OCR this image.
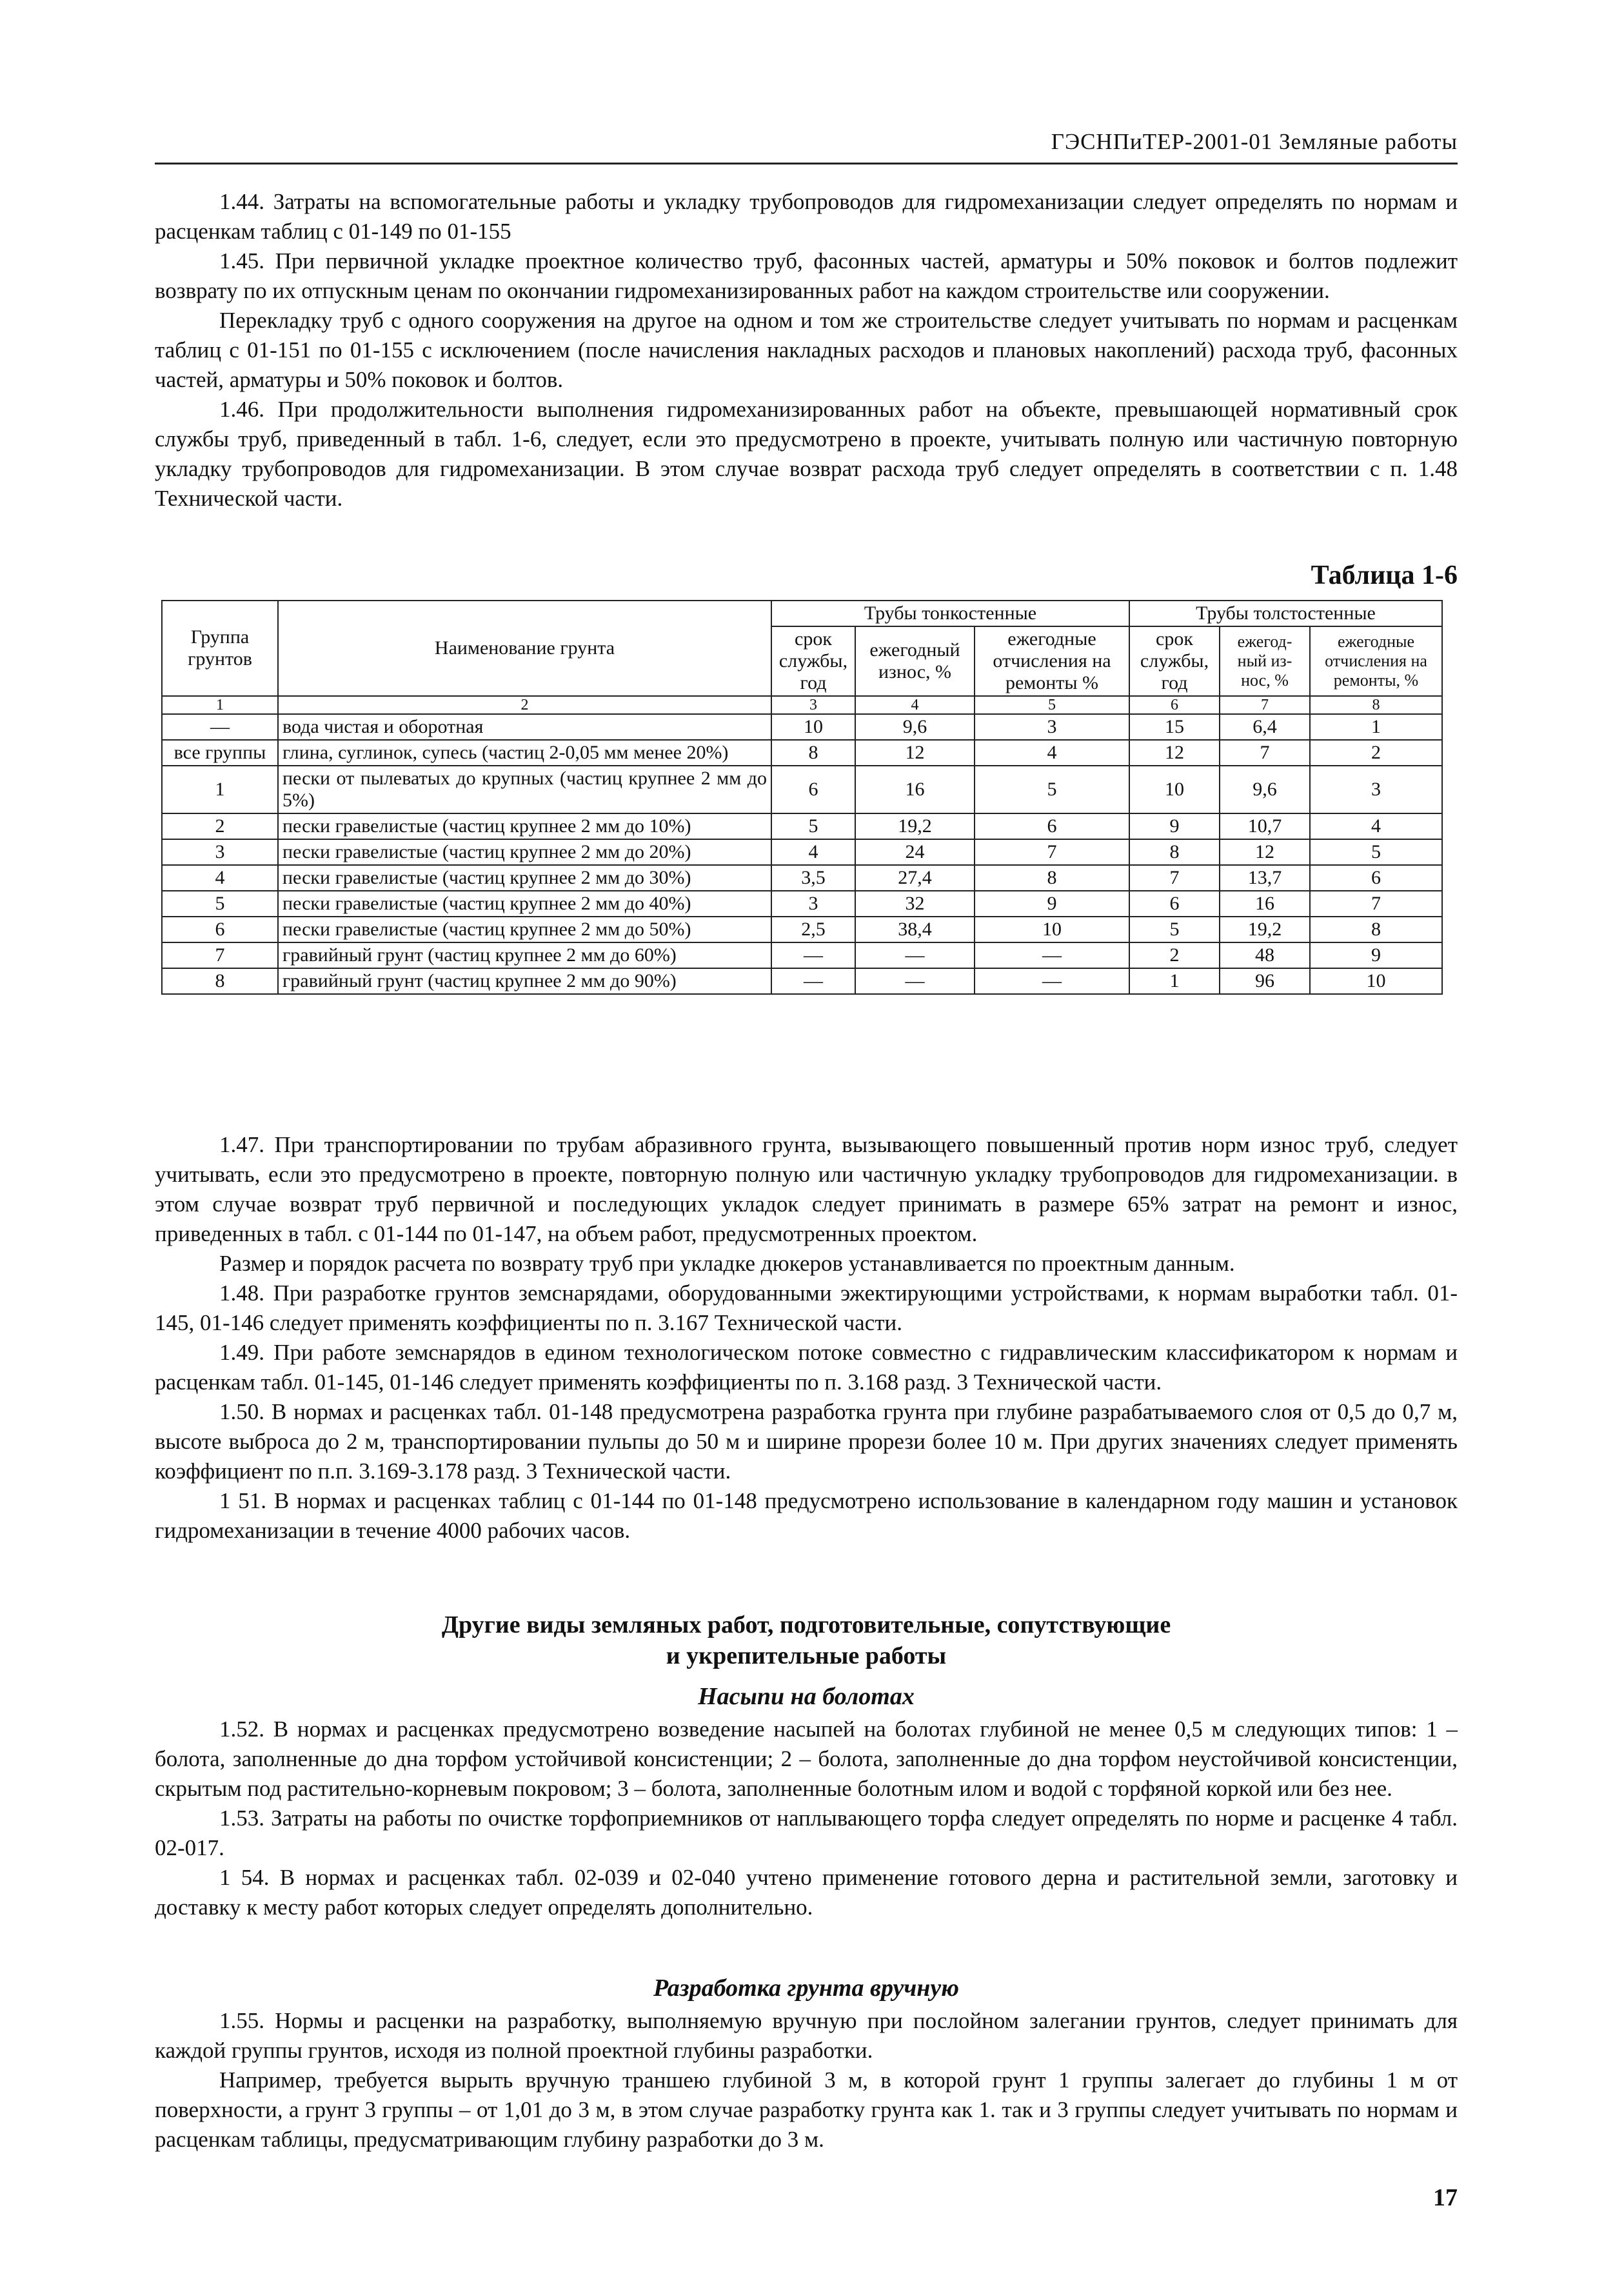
ГЭСНПиТЕР-2001-01 Земляные работы

1.44. Затраты на вспомогательные работы и укладку трубопроводов для гидромеханизации следует определять по нормам и расценкам таблиц с 01-149 по 01-155

1.45. При первичной укладке проектное количество труб, фасонных частей, арматуры и 50% поковок и болтов подлежит возврату по их отпускным ценам по окончании гидромеханизированных работ на каждом строительстве или сооружении.

Перекладку труб с одного сооружения на другое на одном и том же строительстве следует учитывать по нормам и расценкам таблиц с 01-151 по 01-155 с исключением (после начисления накладных расходов и плановых накоплений) расхода труб, фасонных частей, арматуры и 50% поковок и болтов.

1.46. При продолжительности выполнения гидромеханизированных работ на объекте, превышающей нормативный срок службы труб, приведенный в табл. 1-6, следует, если это предусмотрено в проекте, учитывать полную или частичную повторную укладку трубопроводов для гидромеханизации. В этом случае возврат расхода труб следует определять в соответствии с п. 1.48 Технической части.

Таблица 1-6
Группа грунтов	Наименование грунта	Трубы тонкостенные			Трубы толстостенные		
		срок службы, год	ежегодный износ, %	ежегодные отчисления на ремонты %	срок службы, год	ежегод-ный из-нос, %	ежегодные отчисления на ремонты, %
1	2	3	4	5	6	7	8
—	вода чистая и оборотная	10	9,6	3	15	6,4	1
все группы	глина, суглинок, супесь (частиц 2-0,05 мм менее 20%)	8	12	4	12	7	2
1	пески от пылеватых до крупных (частиц крупнее 2 мм до 5%)	6	16	5	10	9,6	3
2	пески гравелистые (частиц крупнее 2 мм до 10%)	5	19,2	6	9	10,7	4
3	пески гравелистые (частиц крупнее 2 мм до 20%)	4	24	7	8	12	5
4	пески гравелистые (частиц крупнее 2 мм до 30%)	3,5	27,4	8	7	13,7	6
5	пески гравелистые (частиц крупнее 2 мм до 40%)	3	32	9	6	16	7
6	пески гравелистые (частиц крупнее 2 мм до 50%)	2,5	38,4	10	5	19,2	8
7	гравийный грунт (частиц крупнее 2 мм до 60%)	—	—	—	2	48	9
8	гравийный грунт (частиц крупнее 2 мм до 90%)	—	—	—	1	96	10

1.47. При транспортировании по трубам абразивного грунта, вызывающего повышенный против норм износ труб, следует учитывать, если это предусмотрено в проекте, повторную полную или частичную укладку трубопроводов для гидромеханизации. в этом случае возврат труб первичной и последующих укладок следует принимать в размере 65% затрат на ремонт и износ, приведенных в табл. с 01-144 по 01-147, на объем работ, предусмотренных проектом.

Размер и порядок расчета по возврату труб при укладке дюкеров устанавливается по проектным данным.

1.48. При разработке грунтов земснарядами, оборудованными эжектирующими устройствами, к нормам выработки табл. 01-145, 01-146 следует применять коэффициенты по п. 3.167 Технической части.

1.49. При работе земснарядов в едином технологическом потоке совместно с гидравлическим классификатором к нормам и расценкам табл. 01-145, 01-146 следует применять коэффициенты по п. 3.168 разд. 3 Технической части.

1.50. В нормах и расценках табл. 01-148 предусмотрена разработка грунта при глубине разрабатываемого слоя от 0,5 до 0,7 м, высоте выброса до 2 м, транспортировании пульпы до 50 м и ширине прорези более 10 м. При других значениях следует применять коэффициент по п.п. 3.169-3.178 разд. 3 Технической части.

1 51. В нормах и расценках таблиц с 01-144 по 01-148 предусмотрено использование в календарном году машин и установок гидромеханизации в течение 4000 рабочих часов.

Другие виды земляных работ, подготовительные, сопутствующие
и укрепительные работы
Насыпи на болотах

1.52. В нормах и расценках предусмотрено возведение насыпей на болотах глубиной не менее 0,5 м следующих типов: 1 – болота, заполненные до дна торфом устойчивой консистенции; 2 – болота, заполненные до дна торфом неустойчивой консистенции, скрытым под растительно-корневым покровом; 3 – болота, заполненные болотным илом и водой с торфяной коркой или без нее.

1.53. Затраты на работы по очистке торфоприемников от наплывающего торфа следует определять по норме и расценке 4 табл. 02-017.

1 54. В нормах и расценках табл. 02-039 и 02-040 учтено применение готового дерна и растительной земли, заготовку и доставку к месту работ которых следует определять дополнительно.

Разработка грунта вручную

1.55. Нормы и расценки на разработку, выполняемую вручную при послойном залегании грунтов, следует принимать для каждой группы грунтов, исходя из полной проектной глубины разработки.

Например, требуется вырыть вручную траншею глубиной 3 м, в которой грунт 1 группы залегает до глубины 1 м от поверхности, а грунт 3 группы – от 1,01 до 3 м, в этом случае разработку грунта как 1. так и 3 группы следует учитывать по нормам и расценкам таблицы, предусматривающим глубину разработки до 3 м.

17
